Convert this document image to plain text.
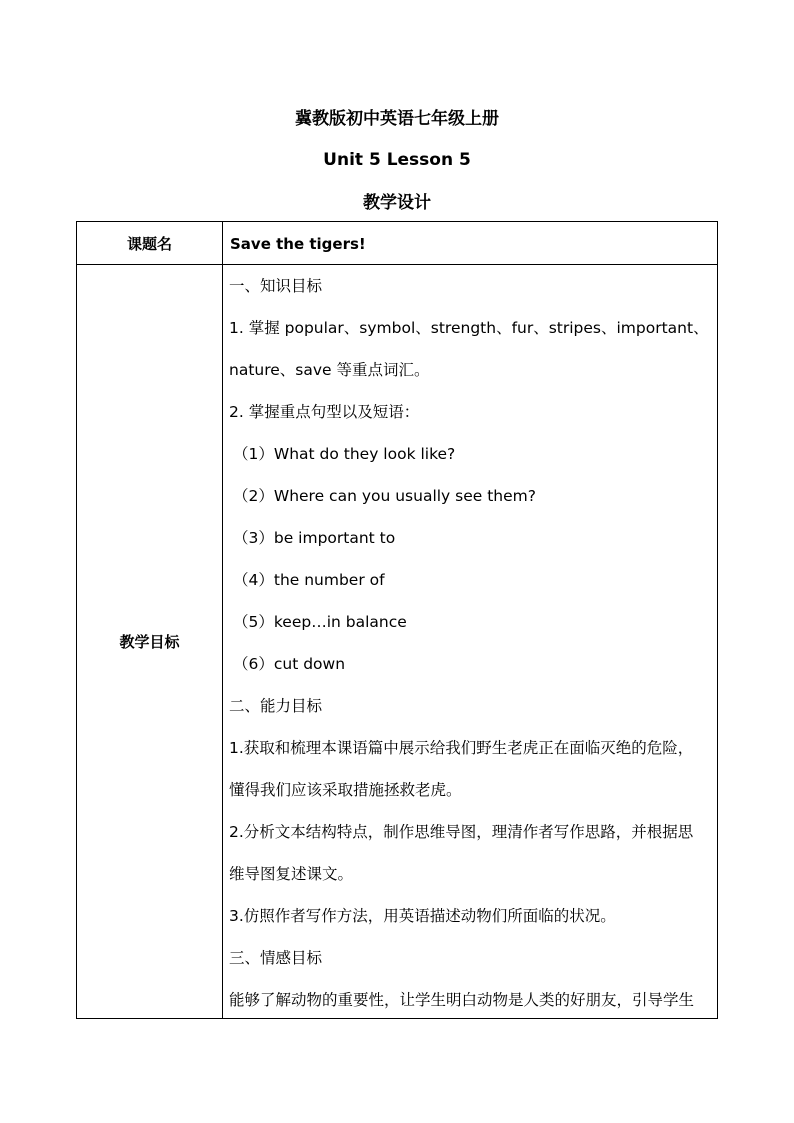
冀教版初中英语七年级上册
Unit 5 Lesson 5
教学设计
课题名	Save the tigers!
教学目标
一、知识目标
1. 掌握 popular、symbol、strength、fur、stripes、important、
nature、save 等重点词汇。
2. 掌握重点句型以及短语：
（1）What do they look like?
（2）Where can you usually see them?
（3）be important to
（4）the number of
（5）keep…in balance
（6）cut down
二、能力目标
1.获取和梳理本课语篇中展示给我们野生老虎正在面临灭绝的危险，
懂得我们应该采取措施拯救老虎。
2.分析文本结构特点，制作思维导图，理清作者写作思路，并根据思
维导图复述课文。
3.仿照作者写作方法，用英语描述动物们所面临的状况。
三、情感目标
能够了解动物的重要性，让学生明白动物是人类的好朋友，引导学生
